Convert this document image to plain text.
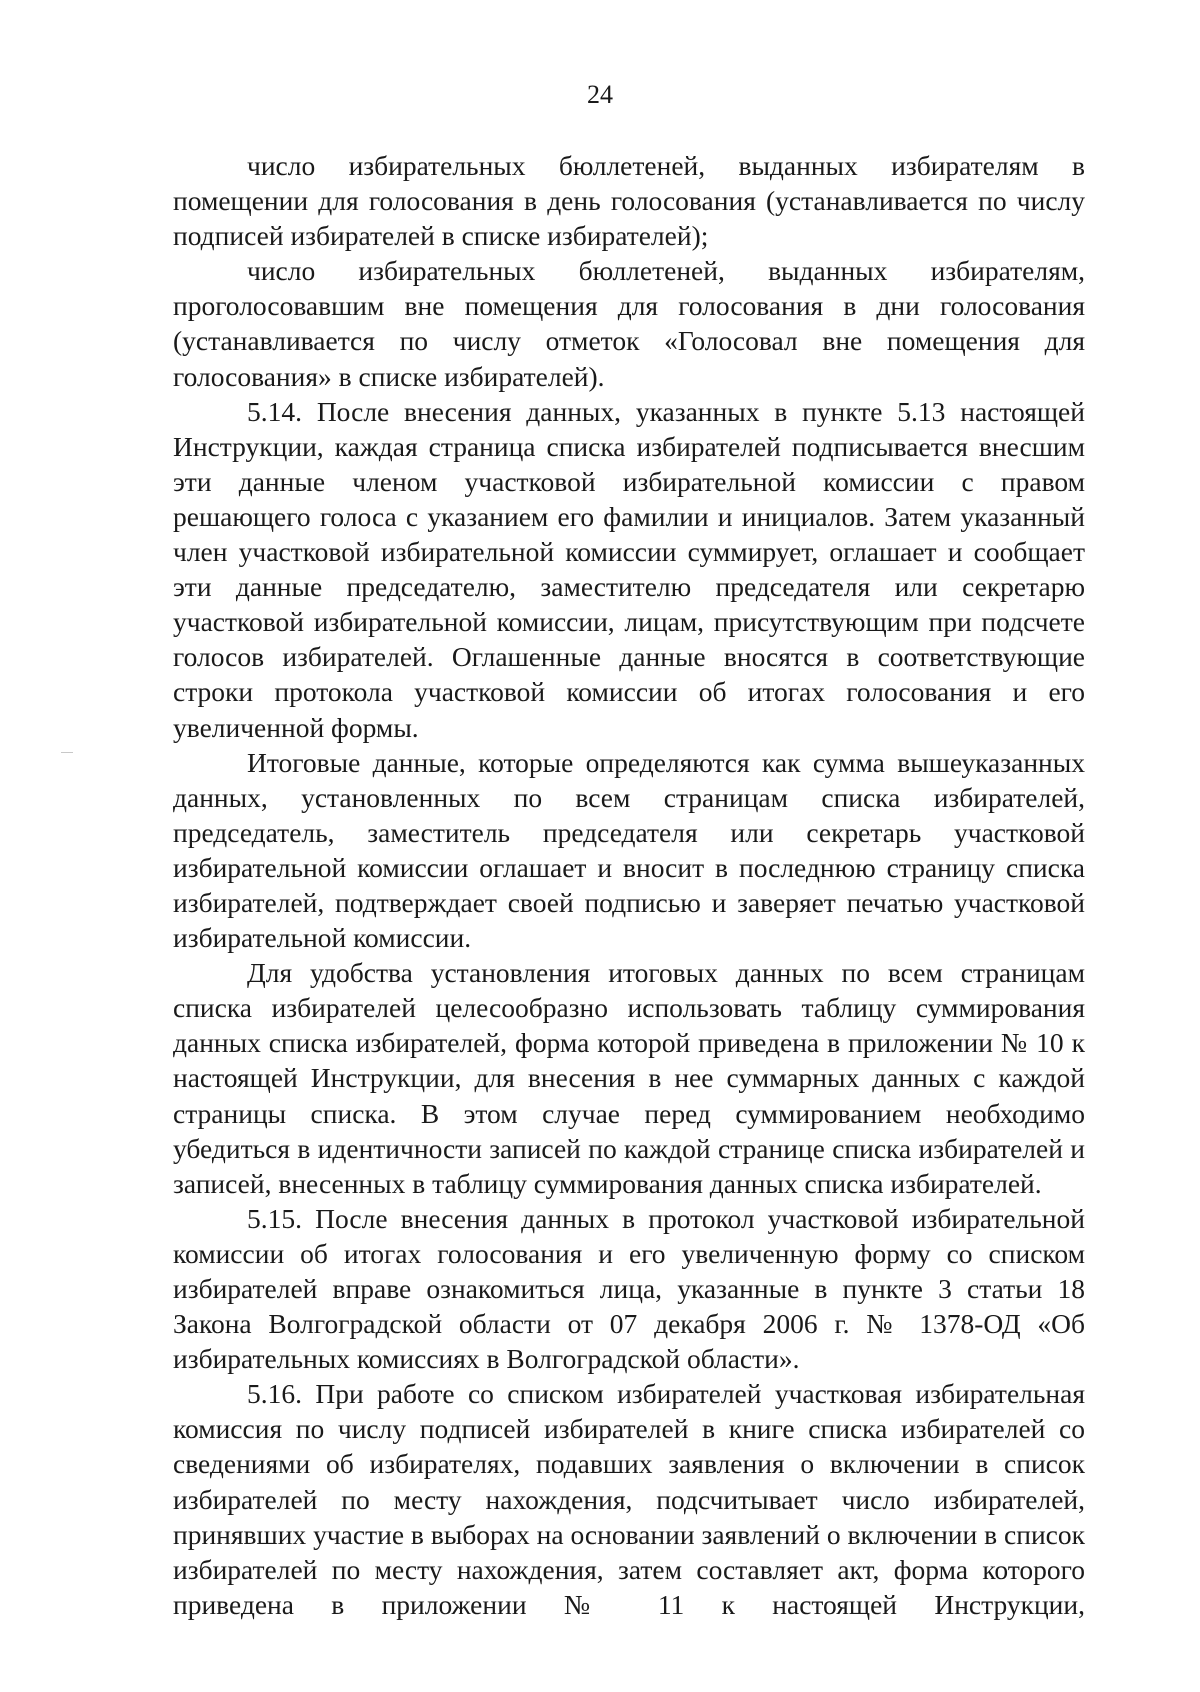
24

число избирательных бюллетеней, выданных избирателям в помещении для голосования в день голосования (устанавливается по числу подписей избирателей в списке избирателей);

число избирательных бюллетеней, выданных избирателям, проголосовавшим вне помещения для голосования в дни голосования (устанавливается по числу отметок «Голосовал вне помещения для голосования» в списке избирателей).

5.14. После внесения данных, указанных в пункте 5.13 настоящей Инструкции, каждая страница списка избирателей подписывается внесшим эти данные членом участковой избирательной комиссии с правом решающего голоса с указанием его фамилии и инициалов. Затем указанный член участковой избирательной комиссии суммирует, оглашает и сообщает эти данные председателю, заместителю председателя или секретарю участковой избирательной комиссии, лицам, присутствующим при подсчете голосов избирателей. Оглашенные данные вносятся в соответствующие строки протокола участковой комиссии об итогах голосования и его увеличенной формы.

Итоговые данные, которые определяются как сумма вышеуказанных данных, установленных по всем страницам списка избирателей, председатель, заместитель председателя или секретарь участковой избирательной комиссии оглашает и вносит в последнюю страницу списка избирателей, подтверждает своей подписью и заверяет печатью участковой избирательной комиссии.

Для удобства установления итоговых данных по всем страницам списка избирателей целесообразно использовать таблицу суммирования данных списка избирателей, форма которой приведена в приложении № 10 к настоящей Инструкции, для внесения в нее суммарных данных с каждой страницы списка. В этом случае перед суммированием необходимо убедиться в идентичности записей по каждой странице списка избирателей и записей, внесенных в таблицу суммирования данных списка избирателей.

5.15. После внесения данных в протокол участковой избирательной комиссии об итогах голосования и его увеличенную форму со списком избирателей вправе ознакомиться лица, указанные в пункте 3 статьи 18 Закона Волгоградской области от 07 декабря 2006 г. № 1378-ОД «Об избирательных комиссиях в Волгоградской области».

5.16. При работе со списком избирателей участковая избирательная комиссия по числу подписей избирателей в книге списка избирателей со сведениями об избирателях, подавших заявления о включении в список избирателей по месту нахождения, подсчитывает число избирателей, принявших участие в выборах на основании заявлений о включении в список избирателей по месту нахождения, затем составляет акт, форма которого приведена в приложении № 11 к настоящей Инструкции,
